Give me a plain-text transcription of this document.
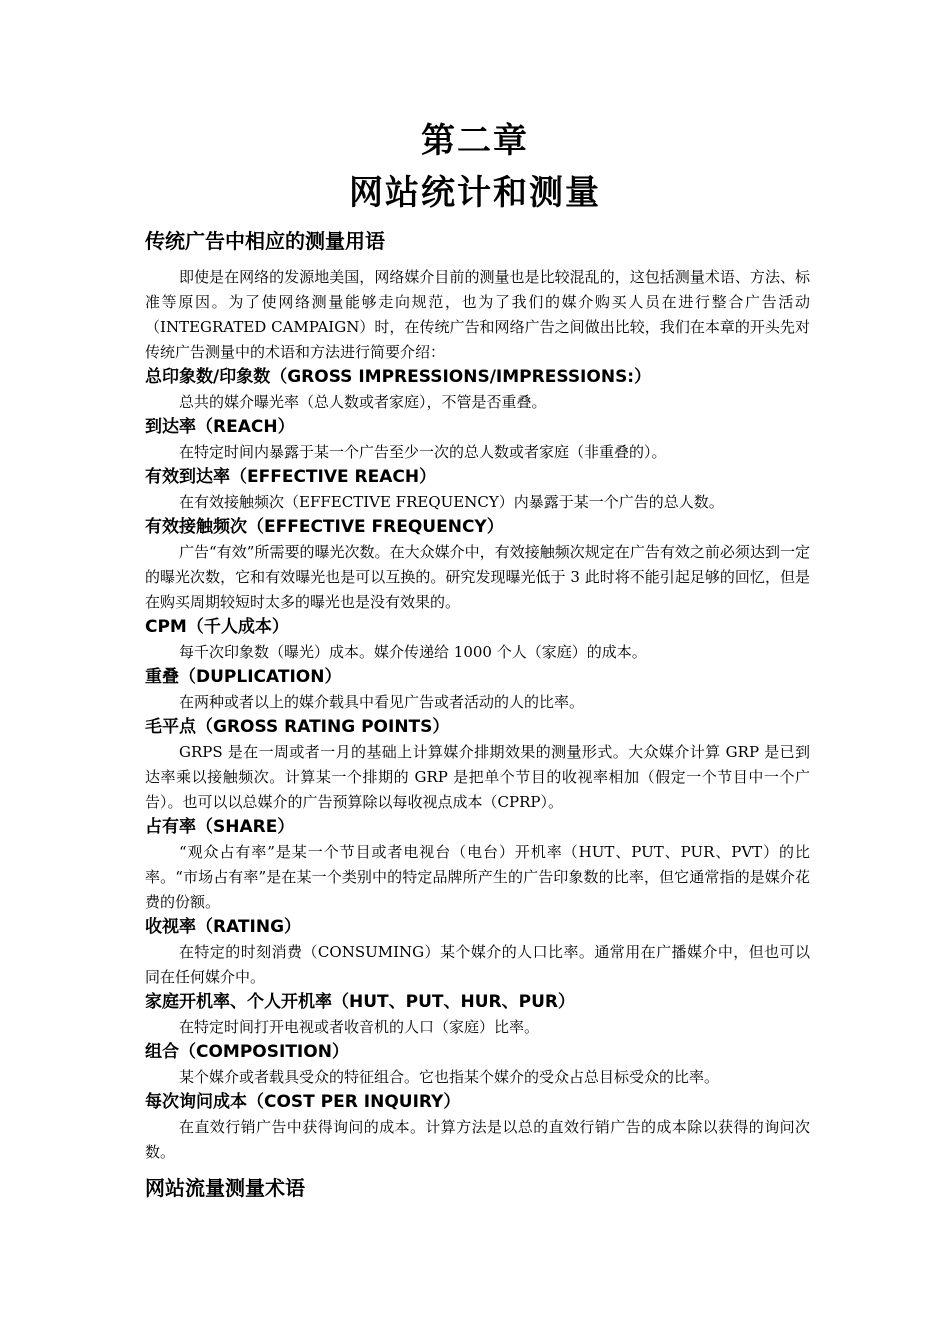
第二章
网站统计和测量
传统广告中相应的测量用语

即使是在网络的发源地美国，网络媒介目前的测量也是比较混乱的，这包括测量术语、方法、标准等原因。为了使网络测量能够走向规范，也为了我们的媒介购买人员在进行整合广告活动（INTEGRATED CAMPAIGN）时，在传统广告和网络广告之间做出比较，我们在本章的开头先对传统广告测量中的术语和方法进行简要介绍：

总印象数/印象数（GROSS IMPRESSIONS/IMPRESSIONS:）

总共的媒介曝光率（总人数或者家庭），不管是否重叠。

到达率（REACH）

在特定时间内暴露于某一个广告至少一次的总人数或者家庭（非重叠的）。

有效到达率（EFFECTIVE REACH）

在有效接触频次（EFFECTIVE FREQUENCY）内暴露于某一个广告的总人数。

有效接触频次（EFFECTIVE FREQUENCY）

广告“有效”所需要的曝光次数。在大众媒介中，有效接触频次规定在广告有效之前必须达到一定的曝光次数，它和有效曝光也是可以互换的。研究发现曝光低于 3 此时将不能引起足够的回忆，但是在购买周期较短时太多的曝光也是没有效果的。

CPM（千人成本）

每千次印象数（曝光）成本。媒介传递给 1000 个人（家庭）的成本。

重叠（DUPLICATION）

在两种或者以上的媒介载具中看见广告或者活动的人的比率。

毛平点（GROSS RATING POINTS）

GRPS 是在一周或者一月的基础上计算媒介排期效果的测量形式。大众媒介计算 GRP 是已到达率乘以接触频次。计算某一个排期的 GRP 是把单个节目的收视率相加（假定一个节目中一个广告）。也可以以总媒介的广告预算除以每收视点成本（CPRP）。

占有率（SHARE）

“观众占有率”是某一个节目或者电视台（电台）开机率（HUT、PUT、PUR、PVT）的比率。“市场占有率”是在某一个类别中的特定品牌所产生的广告印象数的比率，但它通常指的是媒介花费的份额。

收视率（RATING）

在特定的时刻消费（CONSUMING）某个媒介的人口比率。通常用在广播媒介中，但也可以同在任何媒介中。

家庭开机率、个人开机率（HUT、PUT、HUR、PUR）

在特定时间打开电视或者收音机的人口（家庭）比率。

组合（COMPOSITION）

某个媒介或者载具受众的特征组合。它也指某个媒介的受众占总目标受众的比率。

每次询问成本（COST PER INQUIRY）

在直效行销广告中获得询问的成本。计算方法是以总的直效行销广告的成本除以获得的询问次数。

网站流量测量术语
